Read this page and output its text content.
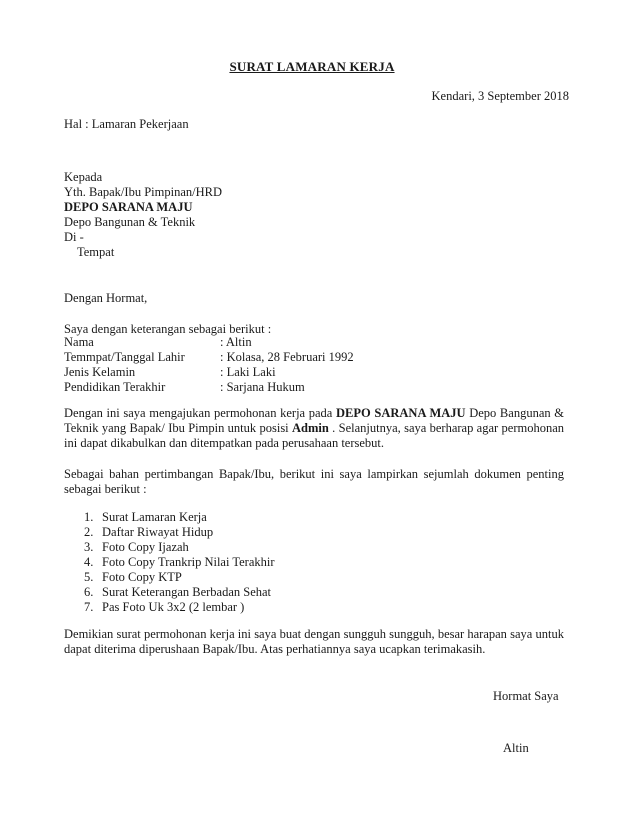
SURAT LAMARAN KERJA
Kendari, 3 September 2018
Hal : Lamaran Pekerjaan
Kepada
Yth. Bapak/Ibu Pimpinan/HRD
DEPO SARANA MAJU
Depo Bangunan & Teknik
Di -
Tempat
Dengan Hormat,
Saya dengan keterangan sebagai berikut :
Nama	: Altin
Temmpat/Tanggal Lahir	: Kolasa, 28 Februari 1992
Jenis Kelamin	: Laki Laki
Pendidikan Terakhir	: Sarjana Hukum
Dengan ini saya mengajukan permohonan kerja pada DEPO SARANA MAJU Depo Bangunan & Teknik yang Bapak/ Ibu Pimpin untuk posisi Admin . Selanjutnya, saya berharap agar permohonan ini dapat dikabulkan dan ditempatkan pada perusahaan tersebut.
Sebagai bahan pertimbangan Bapak/Ibu, berikut ini saya lampirkan sejumlah dokumen penting sebagai berikut :
1. Surat Lamaran Kerja
2. Daftar Riwayat Hidup
3. Foto Copy Ijazah
4. Foto Copy Trankrip Nilai Terakhir
5. Foto Copy KTP
6. Surat Keterangan Berbadan Sehat
7. Pas Foto Uk 3x2 (2 lembar )
Demikian surat permohonan kerja ini saya buat dengan sungguh sungguh, besar harapan saya untuk dapat diterima diperushaan Bapak/Ibu. Atas perhatiannya saya ucapkan terimakasih.
Hormat Saya
Altin
